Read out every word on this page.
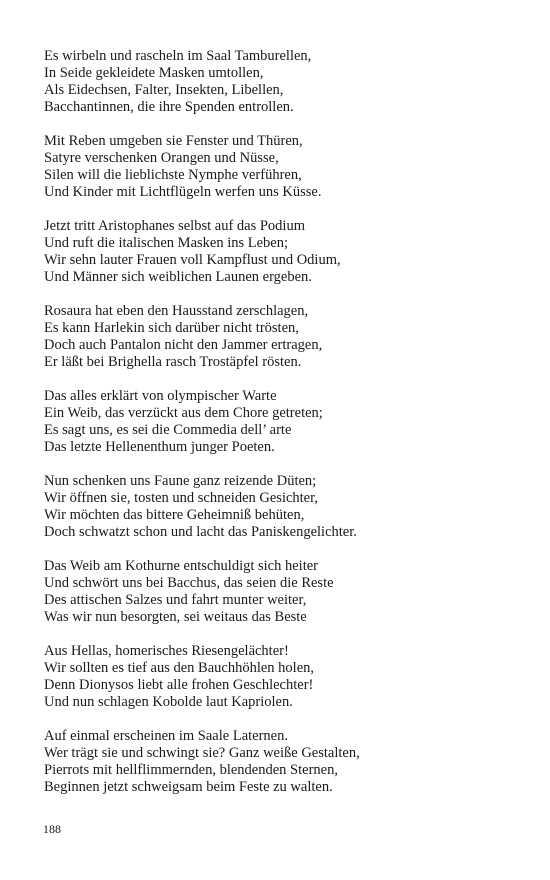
Es wirbeln und rascheln im Saal Tamburellen,
In Seide gekleidete Masken umtollen,
Als Eidechsen, Falter, Insekten, Libellen,
Bacchantinnen, die ihre Spenden entrollen.
Mit Reben umgeben sie Fenster und Thüren,
Satyre verschenken Orangen und Nüsse,
Silen will die lieblichste Nymphe verführen,
Und Kinder mit Lichtflügeln werfen uns Küsse.
Jetzt tritt Aristophanes selbst auf das Podium
Und ruft die italischen Masken ins Leben;
Wir sehn lauter Frauen voll Kampflust und Odium,
Und Männer sich weiblichen Launen ergeben.
Rosaura hat eben den Hausstand zerschlagen,
Es kann Harlekin sich darüber nicht trösten,
Doch auch Pantalon nicht den Jammer ertragen,
Er läßt bei Brighella rasch Trostäpfel rösten.
Das alles erklärt von olympischer Warte
Ein Weib, das verzückt aus dem Chore getreten;
Es sagt uns, es sei die Commedia dell’ arte
Das letzte Hellenenthum junger Poeten.
Nun schenken uns Faune ganz reizende Düten;
Wir öffnen sie, tosten und schneiden Gesichter,
Wir möchten das bittere Geheimniß behüten,
Doch schwatzt schon und lacht das Paniskengelichter.
Das Weib am Kothurne entschuldigt sich heiter
Und schwört uns bei Bacchus, das seien die Reste
Des attischen Salzes und fahrt munter weiter,
Was wir nun besorgten, sei weitaus das Beste
Aus Hellas, homerisches Riesengelächter!
Wir sollten es tief aus den Bauchhöhlen holen,
Denn Dionysos liebt alle frohen Geschlechter!
Und nun schlagen Kobolde laut Kapriolen.
Auf einmal erscheinen im Saale Laternen.
Wer trägt sie und schwingt sie? Ganz weiße Gestalten,
Pierrots mit hellflimmernden, blendenden Sternen,
Beginnen jetzt schweigsam beim Feste zu walten.
188
